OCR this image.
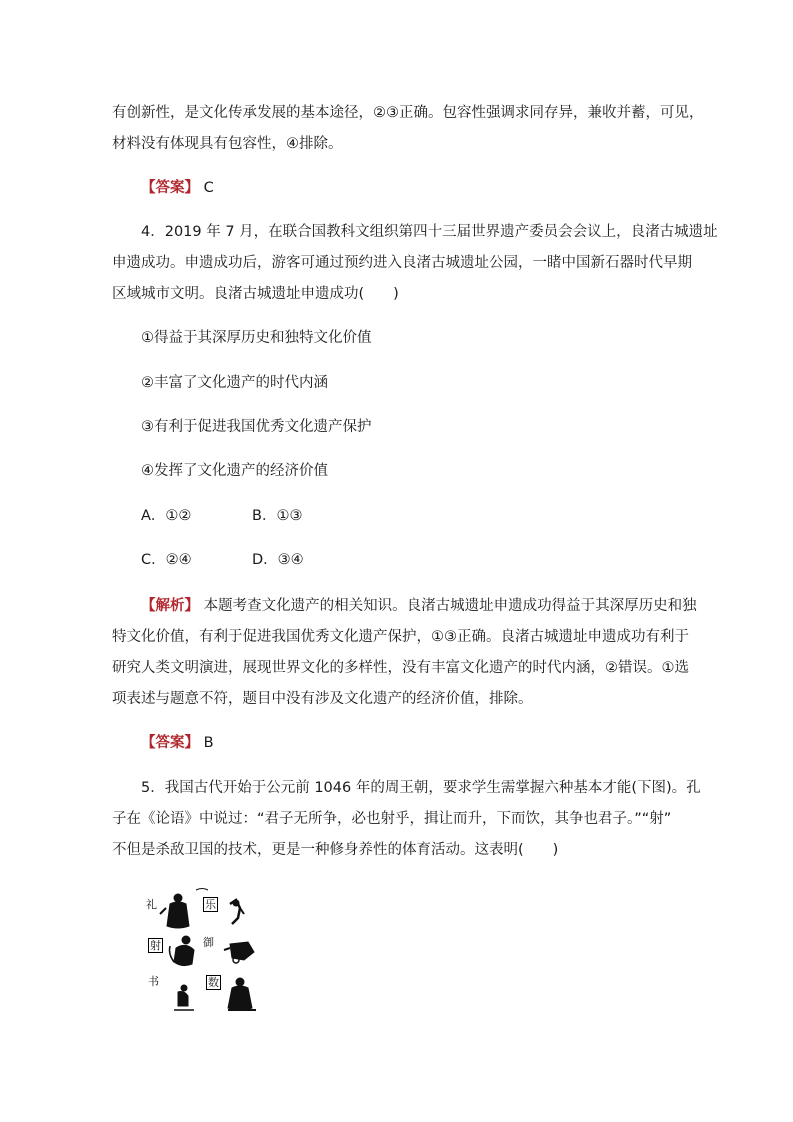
有创新性，是文化传承发展的基本途径，②③正确。包容性强调求同存异，兼收并蓄，可见，
材料没有体现具有包容性，④排除。
【答案】 C
4．2019 年 7 月，在联合国教科文组织第四十三届世界遗产委员会会议上，良渚古城遗址
申遗成功。申遗成功后，游客可通过预约进入良渚古城遗址公园，一睹中国新石器时代早期
区域城市文明。良渚古城遗址申遗成功(　　)
①得益于其深厚历史和独特文化价值
②丰富了文化遗产的时代内涵
③有利于促进我国优秀文化遗产保护
④发挥了文化遗产的经济价值
A．①②	B．①③
C．②④	D．③④
【解析】 本题考查文化遗产的相关知识。良渚古城遗址申遗成功得益于其深厚历史和独
特文化价值，有利于促进我国优秀文化遗产保护，①③正确。良渚古城遗址申遗成功有利于
研究人类文明演进，展现世界文化的多样性，没有丰富文化遗产的时代内涵，②错误。①选
项表述与题意不符，题目中没有涉及文化遗产的经济价值，排除。
【答案】 B
5．我国古代开始于公元前 1046 年的周王朝，要求学生需掌握六种基本才能(下图)。孔
子在《论语》中说过：“君子无所争，必也射乎，揖让而升，下而饮，其争也君子。”“射”
不但是杀敌卫国的技术，更是一种修身养性的体育活动。这表明(　　)
礼	乐
射	御
书	数
